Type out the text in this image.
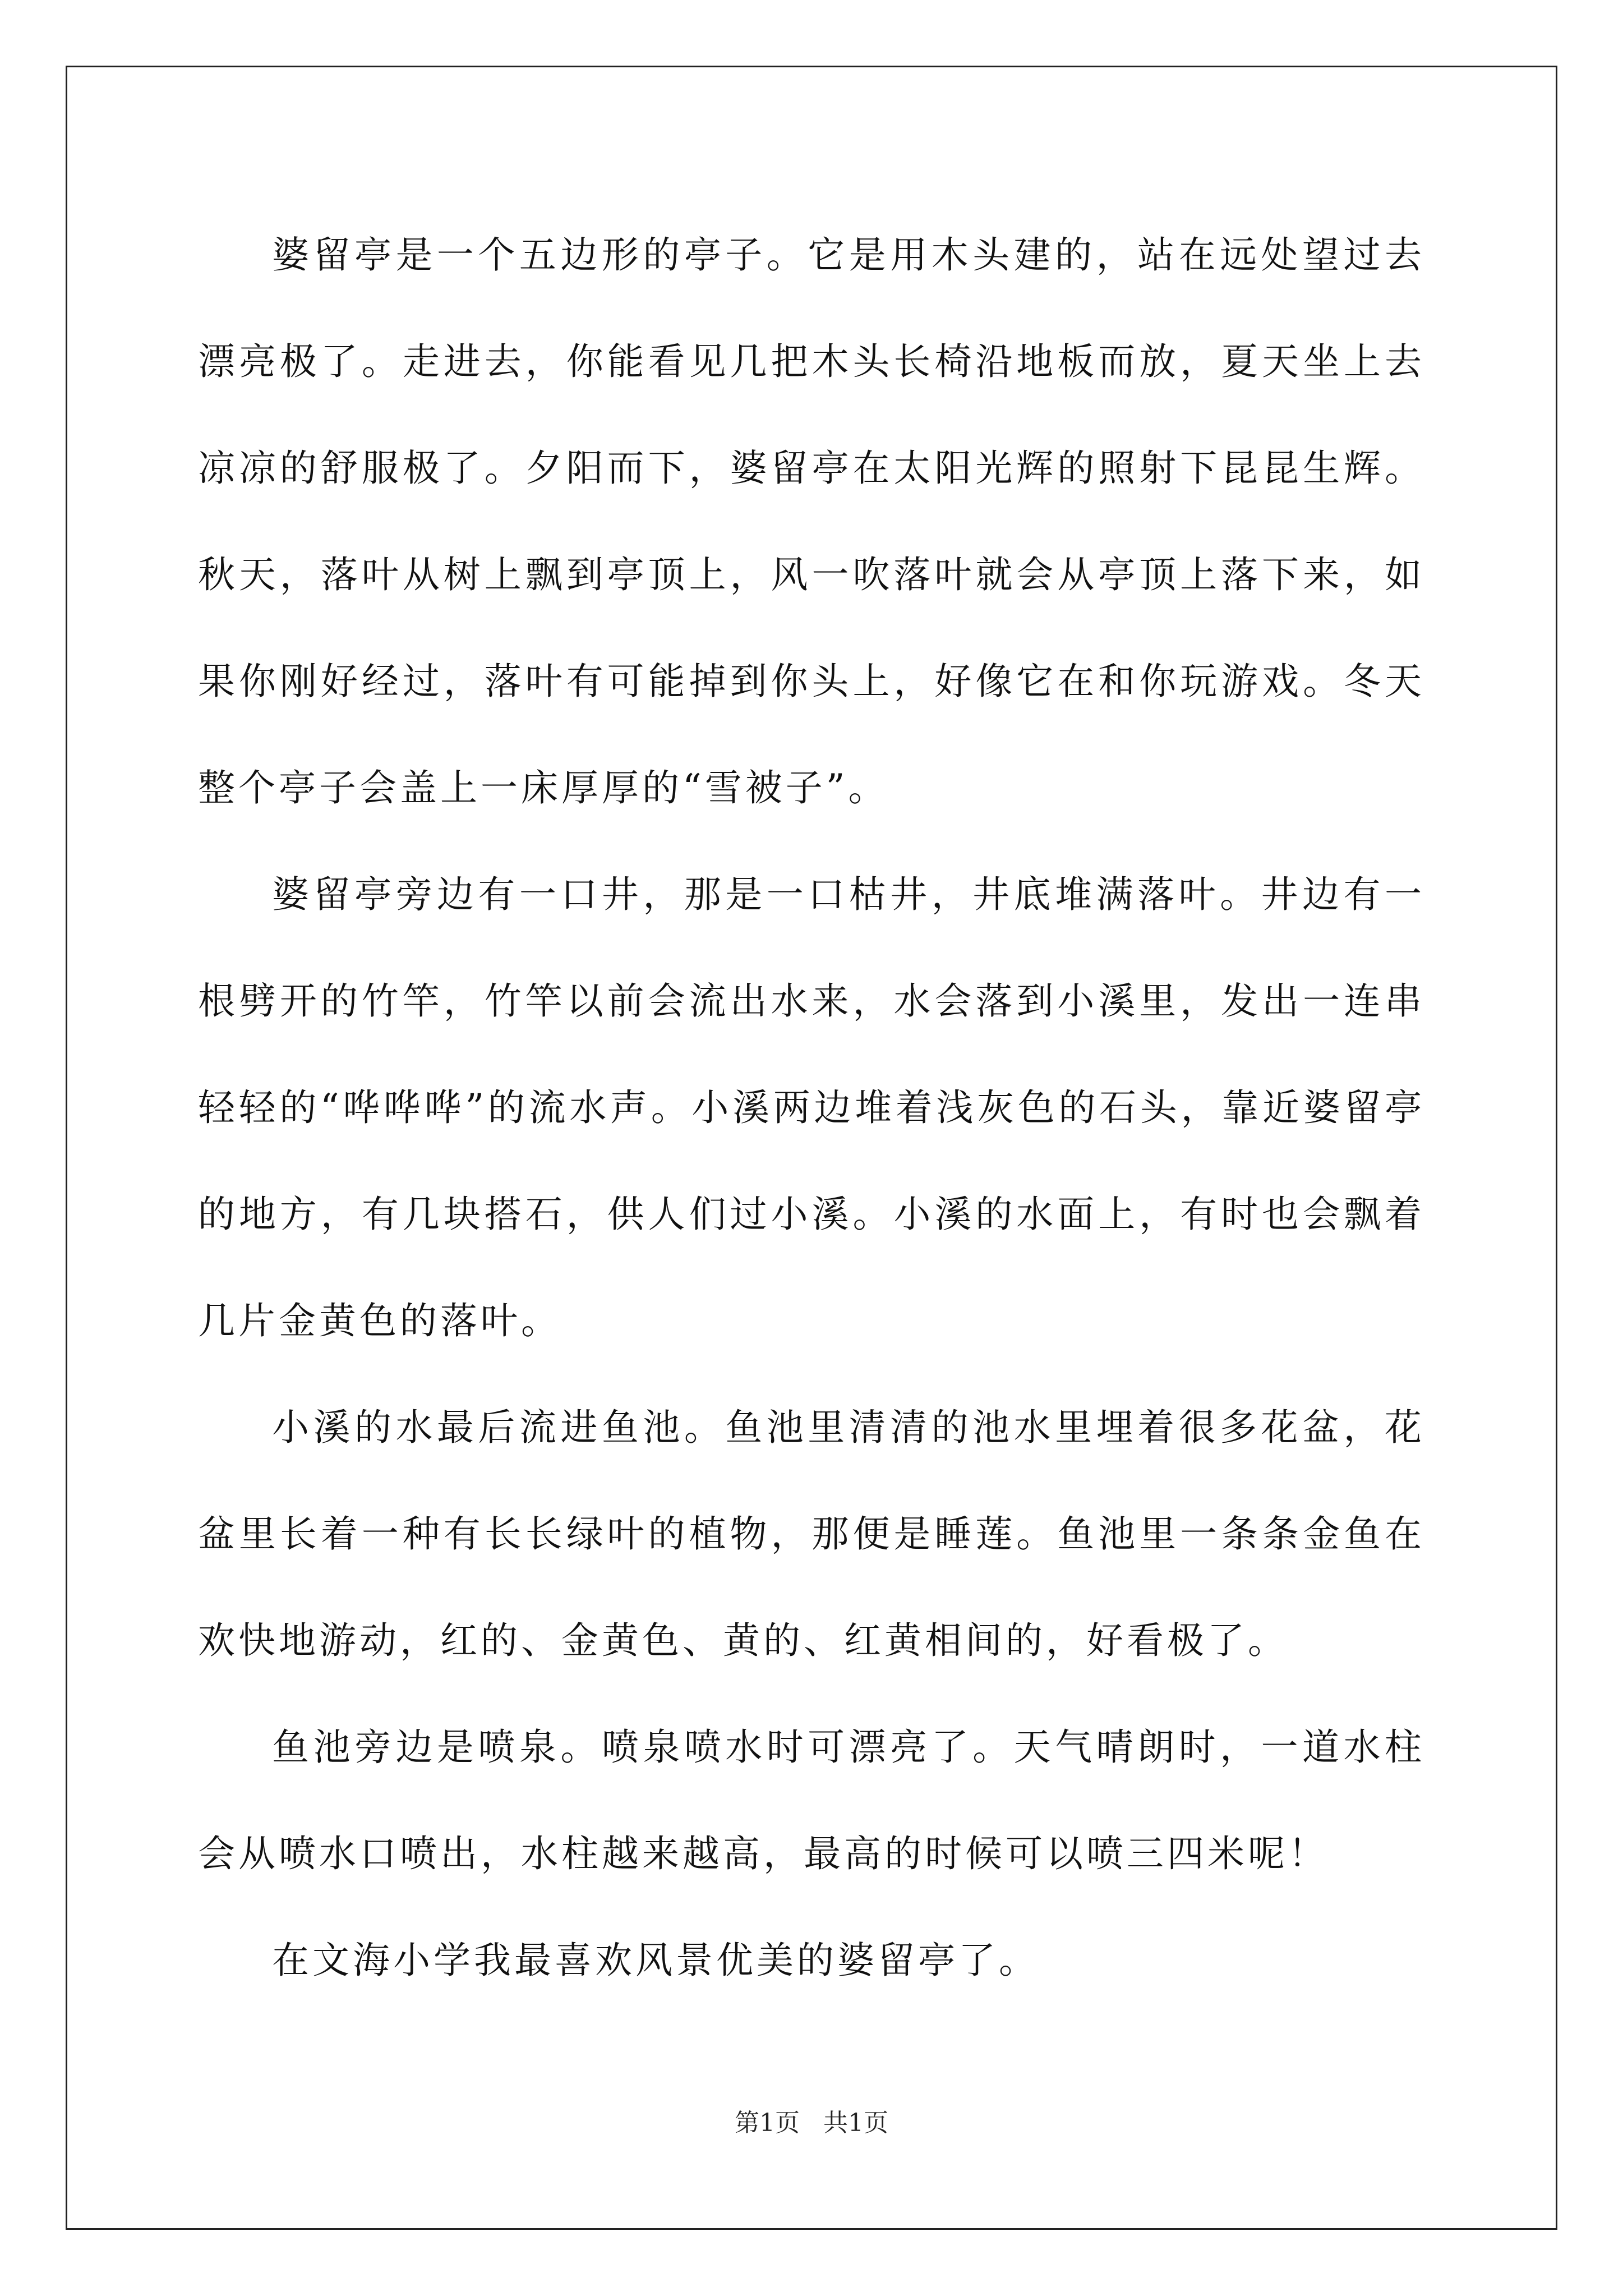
婆留亭是一个五边形的亭子。它是用木头建的，站在远处望过去漂亮极了。走进去，你能看见几把木头长椅沿地板而放，夏天坐上去凉凉的舒服极了。夕阳而下，婆留亭在太阳光辉的照射下昆昆生辉。秋天，落叶从树上飘到亭顶上，风一吹落叶就会从亭顶上落下来，如果你刚好经过，落叶有可能掉到你头上，好像它在和你玩游戏。冬天整个亭子会盖上一床厚厚的“雪被子”。

婆留亭旁边有一口井，那是一口枯井，井底堆满落叶。井边有一根劈开的竹竿，竹竿以前会流出水来，水会落到小溪里，发出一连串轻轻的“哗哗哗”的流水声。小溪两边堆着浅灰色的石头，靠近婆留亭的地方，有几块搭石，供人们过小溪。小溪的水面上，有时也会飘着几片金黄色的落叶。

小溪的水最后流进鱼池。鱼池里清清的池水里埋着很多花盆，花盆里长着一种有长长绿叶的植物，那便是睡莲。鱼池里一条条金鱼在欢快地游动，红的、金黄色、黄的、红黄相间的，好看极了。

鱼池旁边是喷泉。喷泉喷水时可漂亮了。天气晴朗时，一道水柱会从喷水口喷出，水柱越来越高，最高的时候可以喷三四米呢！

在文海小学我最喜欢风景优美的婆留亭了。

第1页   共1页
